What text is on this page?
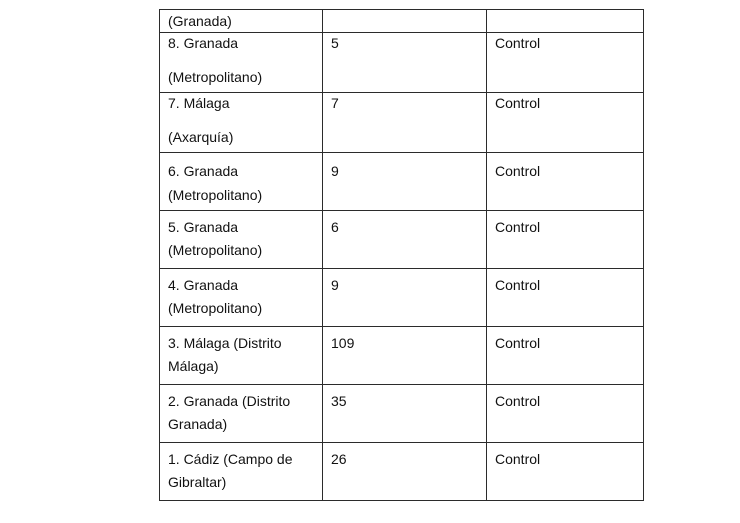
(Granada)		

8. Granada
(Metropolitano)	5	Control

7. Málaga
(Axarquía)	7	Control

6. Granada
(Metropolitano)	9	Control

5. Granada
(Metropolitano)	6	Control

4. Granada
(Metropolitano)	9	Control

3. Málaga (Distrito
Málaga)	109	Control

2. Granada (Distrito
Granada)	35	Control

1. Cádiz (Campo de
Gibraltar)	26	Control
